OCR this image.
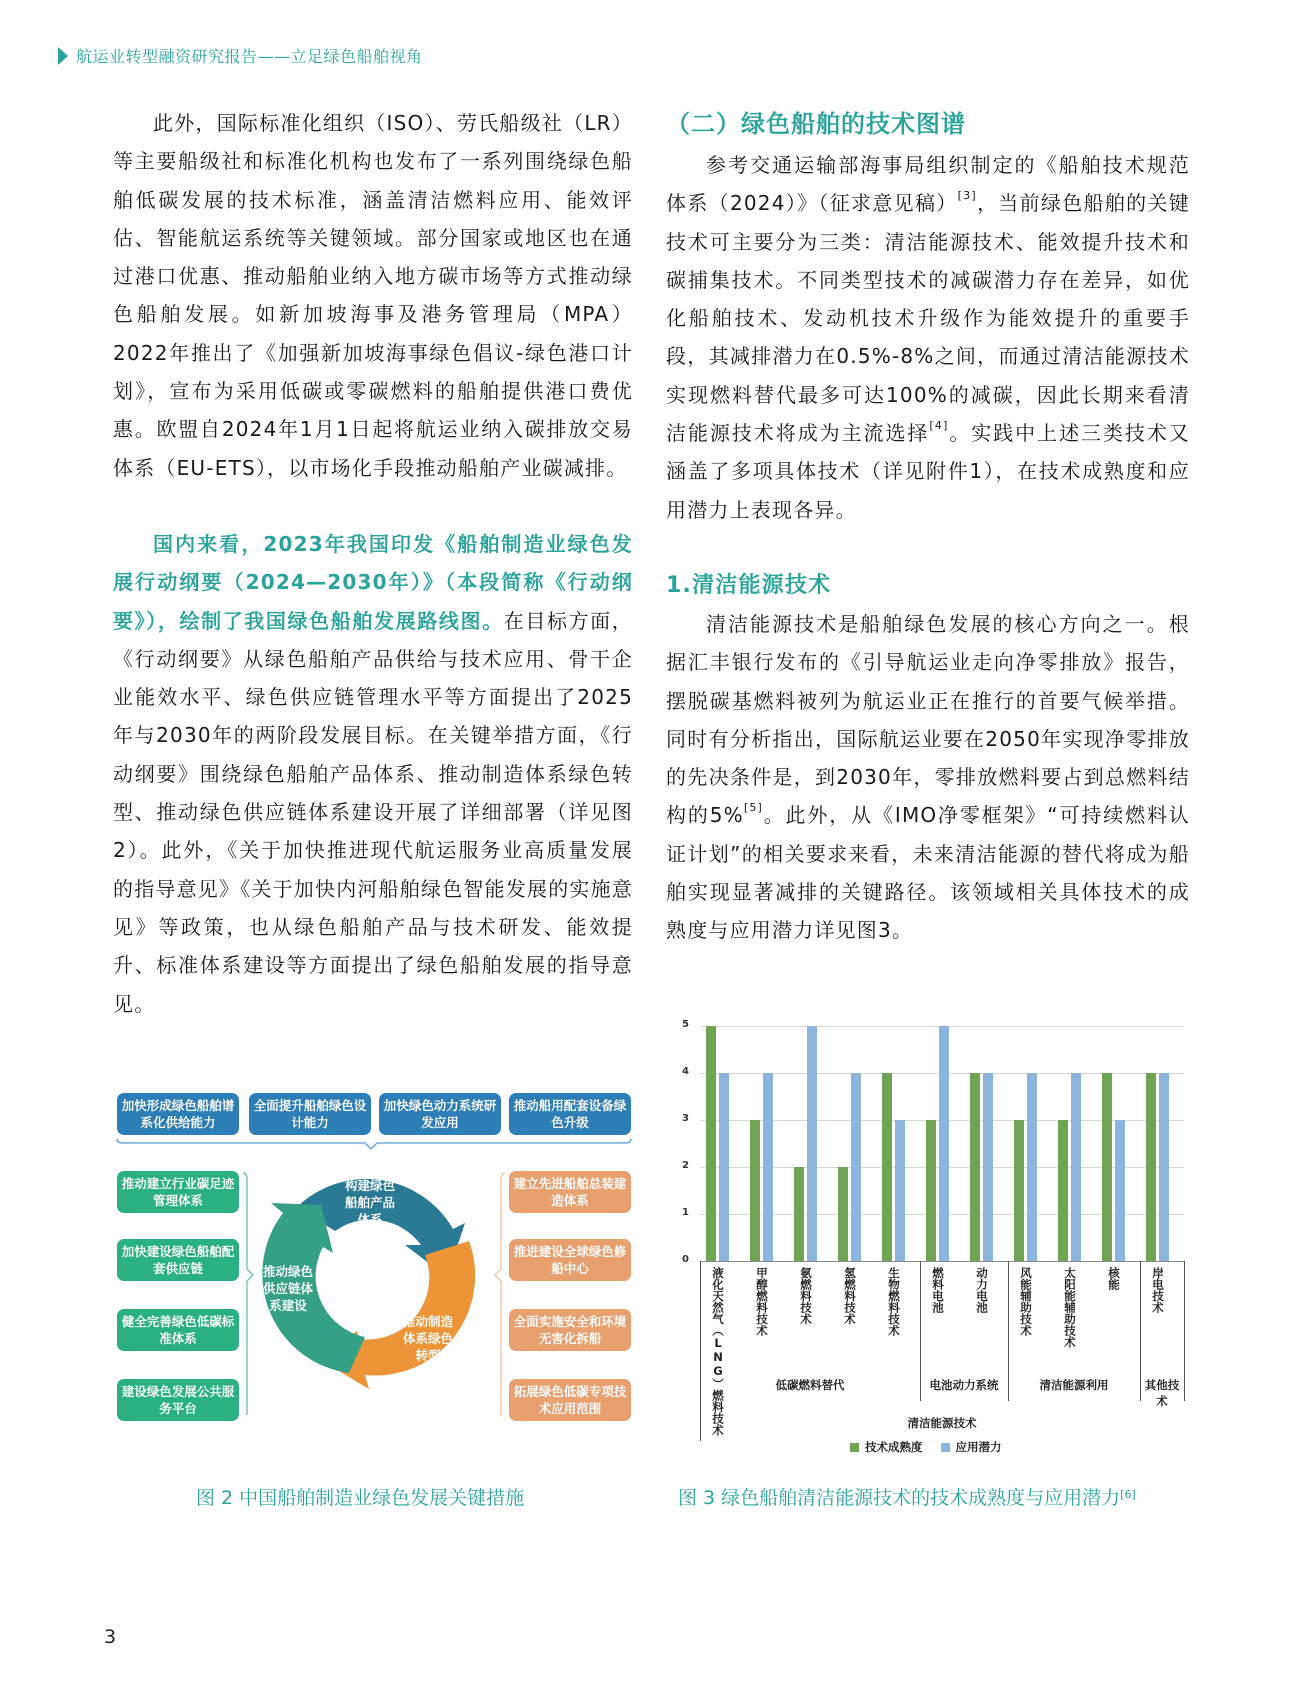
航运业转型融资研究报告——立足绿色船舶视角

此外，国际标准化组织（ISO）、劳氏船级社（LR）等主要船级社和标准化机构也发布了一系列围绕绿色船舶低碳发展的技术标准，涵盖清洁燃料应用、能效评估、智能航运系统等关键领域。部分国家或地区也在通过港口优惠、推动船舶业纳入地方碳市场等方式推动绿色船舶发展。如新加坡海事及港务管理局（MPA）2022年推出了《加强新加坡海事绿色倡议-绿色港口计划》，宣布为采用低碳或零碳燃料的船舶提供港口费优惠。欧盟自2024年1月1日起将航运业纳入碳排放交易体系（EU-ETS），以市场化手段推动船舶产业碳减排。

国内来看，2023年我国印发《船舶制造业绿色发展行动纲要（2024—2030年）》（本段简称《行动纲要》），绘制了我国绿色船舶发展路线图。在目标方面，《行动纲要》从绿色船舶产品供给与技术应用、骨干企业能效水平、绿色供应链管理水平等方面提出了2025年与2030年的两阶段发展目标。在关键举措方面，《行动纲要》围绕绿色船舶产品体系、推动制造体系绿色转型、推动绿色供应链体系建设开展了详细部署（详见图2）。此外，《关于加快推进现代航运服务业高质量发展的指导意见》《关于加快内河船舶绿色智能发展的实施意见》等政策，也从绿色船舶产品与技术研发、能效提升、标准体系建设等方面提出了绿色船舶发展的指导意见。

（二）绿色船舶的技术图谱

参考交通运输部海事局组织制定的《船舶技术规范体系（2024）》（征求意见稿）[3]，当前绿色船舶的关键技术可主要分为三类：清洁能源技术、能效提升技术和碳捕集技术。不同类型技术的减碳潜力存在差异，如优化船舶技术、发动机技术升级作为能效提升的重要手段，其减排潜力在0.5%-8%之间，而通过清洁能源技术实现燃料替代最多可达100%的减碳，因此长期来看清洁能源技术将成为主流选择[4]。实践中上述三类技术又涵盖了多项具体技术（详见附件1），在技术成熟度和应用潜力上表现各异。

1.清洁能源技术

清洁能源技术是船舶绿色发展的核心方向之一。根据汇丰银行发布的《引导航运业走向净零排放》报告，摆脱碳基燃料被列为航运业正在推行的首要气候举措。同时有分析指出，国际航运业要在2050年实现净零排放的先决条件是，到2030年，零排放燃料要占到总燃料结构的5%[5]。此外，从《IMO净零框架》“可持续燃料认证计划”的相关要求来看，未来清洁能源的替代将成为船舶实现显著减排的关键路径。该领域相关具体技术的成熟度与应用潜力详见图3。

加快形成绿色船舶谱系化供给能力
全面提升船舶绿色设计能力
加快绿色动力系统研发应用
推动船用配套设备绿色升级
推动建立行业碳足迹管理体系
加快建设绿色船舶配套供应链
健全完善绿色低碳标准体系
建设绿色发展公共服务平台
建立先进船舶总装建造体系
推进建设全球绿色修船中心
全面实施安全和环境无害化拆船
拓展绿色低碳专项技术应用范围
构建绿色船舶产品体系
推动制造体系绿色转型
推动绿色供应链体系建设
图 2 中国船舶制造业绿色发展关键措施
0
1
2
3
4
5
液化天然气（LNG）燃料技术	甲醇燃料技术	氨燃料技术	氢燃料技术	生物燃料技术	燃料电池	动力电池	风能辅助技术	太阳能辅助技术	核能	岸电技术
低碳燃料替代	电池动力系统	清洁能源利用	其他技术
清洁能源技术
技术成熟度	应用潜力
图 3 绿色船舶清洁能源技术的技术成熟度与应用潜力[6]
3
